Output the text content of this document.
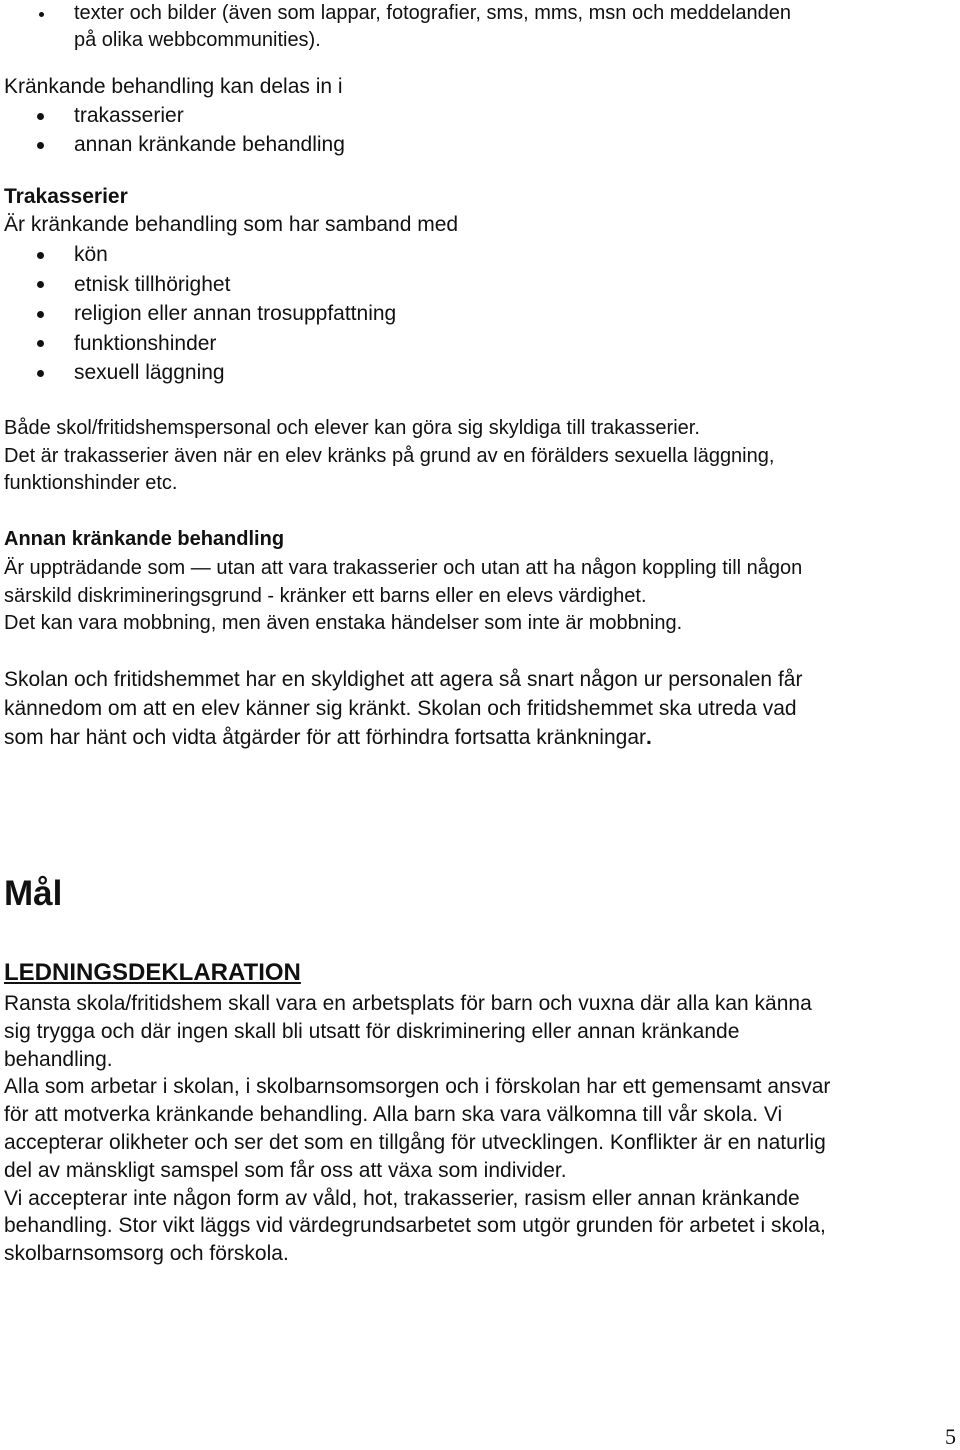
texter och bilder (även som lappar, fotografier, sms, mms, msn och meddelanden

på olika webbcommunities).

Kränkande behandling kan delas in i

trakasserier
annan kränkande behandling

Trakasserier

Är kränkande behandling som har samband med

kön
etnisk tillhörighet
religion eller annan trosuppfattning
funktionshinder
sexuell läggning
Både skol/fritidshemspersonal och elever kan göra sig skyldiga till trakasserier.
Det är trakasserier även när en elev kränks på grund av en förälders sexuella läggning,
funktionshinder etc.

Annan kränkande behandling

Är uppträdande som — utan att vara trakasserier och utan att ha någon koppling till någon
särskild diskrimineringsgrund - kränker ett barns eller en elevs värdighet.
Det kan vara mobbning, men även enstaka händelser som inte är mobbning.
Skolan och fritidshemmet har en skyldighet att agera så snart någon ur personalen får
kännedom om att en elev känner sig kränkt. Skolan och fritidshemmet ska utreda vad
som har hänt och vidta åtgärder för att förhindra fortsatta kränkningar.
Mål
LEDNINGSDEKLARATION
Ransta skola/fritidshem skall vara en arbetsplats för barn och vuxna där alla kan känna
sig trygga och där ingen skall bli utsatt för diskriminering eller annan kränkande
behandling.
Alla som arbetar i skolan, i skolbarnsomsorgen och i förskolan har ett gemensamt ansvar
för att motverka kränkande behandling. Alla barn ska vara välkomna till vår skola. Vi
accepterar olikheter och ser det som en tillgång för utvecklingen. Konflikter är en naturlig
del av mänskligt samspel som får oss att växa som individer.
Vi accepterar inte någon form av våld, hot, trakasserier, rasism eller annan kränkande
behandling. Stor vikt läggs vid värdegrundsarbetet som utgör grunden för arbetet i skola,
skolbarnsomsorg och förskola.
5
